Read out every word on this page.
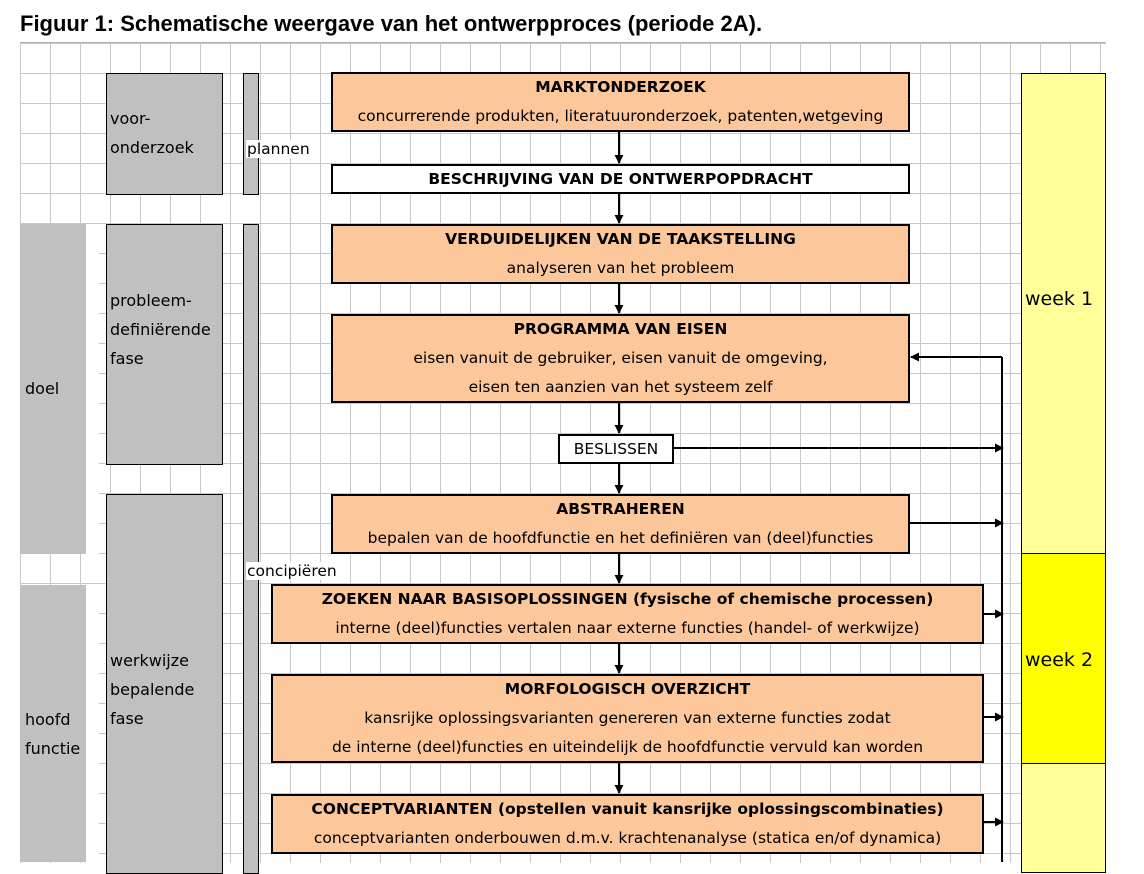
Figuur 1: Schematische weergave van het ontwerpproces (periode 2A).
doel
hoofd
functie
voor-
onderzoek
probleem-
definiërende
fase
werkwijze
bepalende
fase
week 1
week 2
plannen
concipiëren
MARKTONDERZOEK
concurrerende produkten, literatuuronderzoek, patenten,wetgeving
BESCHRIJVING VAN DE ONTWERPOPDRACHT
VERDUIDELIJKEN VAN DE TAAKSTELLING
analyseren van het probleem
PROGRAMMA VAN EISEN
eisen vanuit de gebruiker, eisen vanuit de omgeving,
eisen ten aanzien van het systeem zelf
BESLISSEN
ABSTRAHEREN
bepalen van de hoofdfunctie en het definiëren van (deel)functies
ZOEKEN NAAR BASISOPLOSSINGEN (fysische of chemische processen)
interne (deel)functies vertalen naar externe functies (handel- of werkwijze)
MORFOLOGISCH OVERZICHT
kansrijke oplossingsvarianten genereren van externe functies zodat
de interne (deel)functies en uiteindelijk de hoofdfunctie vervuld kan worden
CONCEPTVARIANTEN (opstellen vanuit kansrijke oplossingscombinaties)
conceptvarianten onderbouwen d.m.v. krachtenanalyse (statica en/of dynamica)
